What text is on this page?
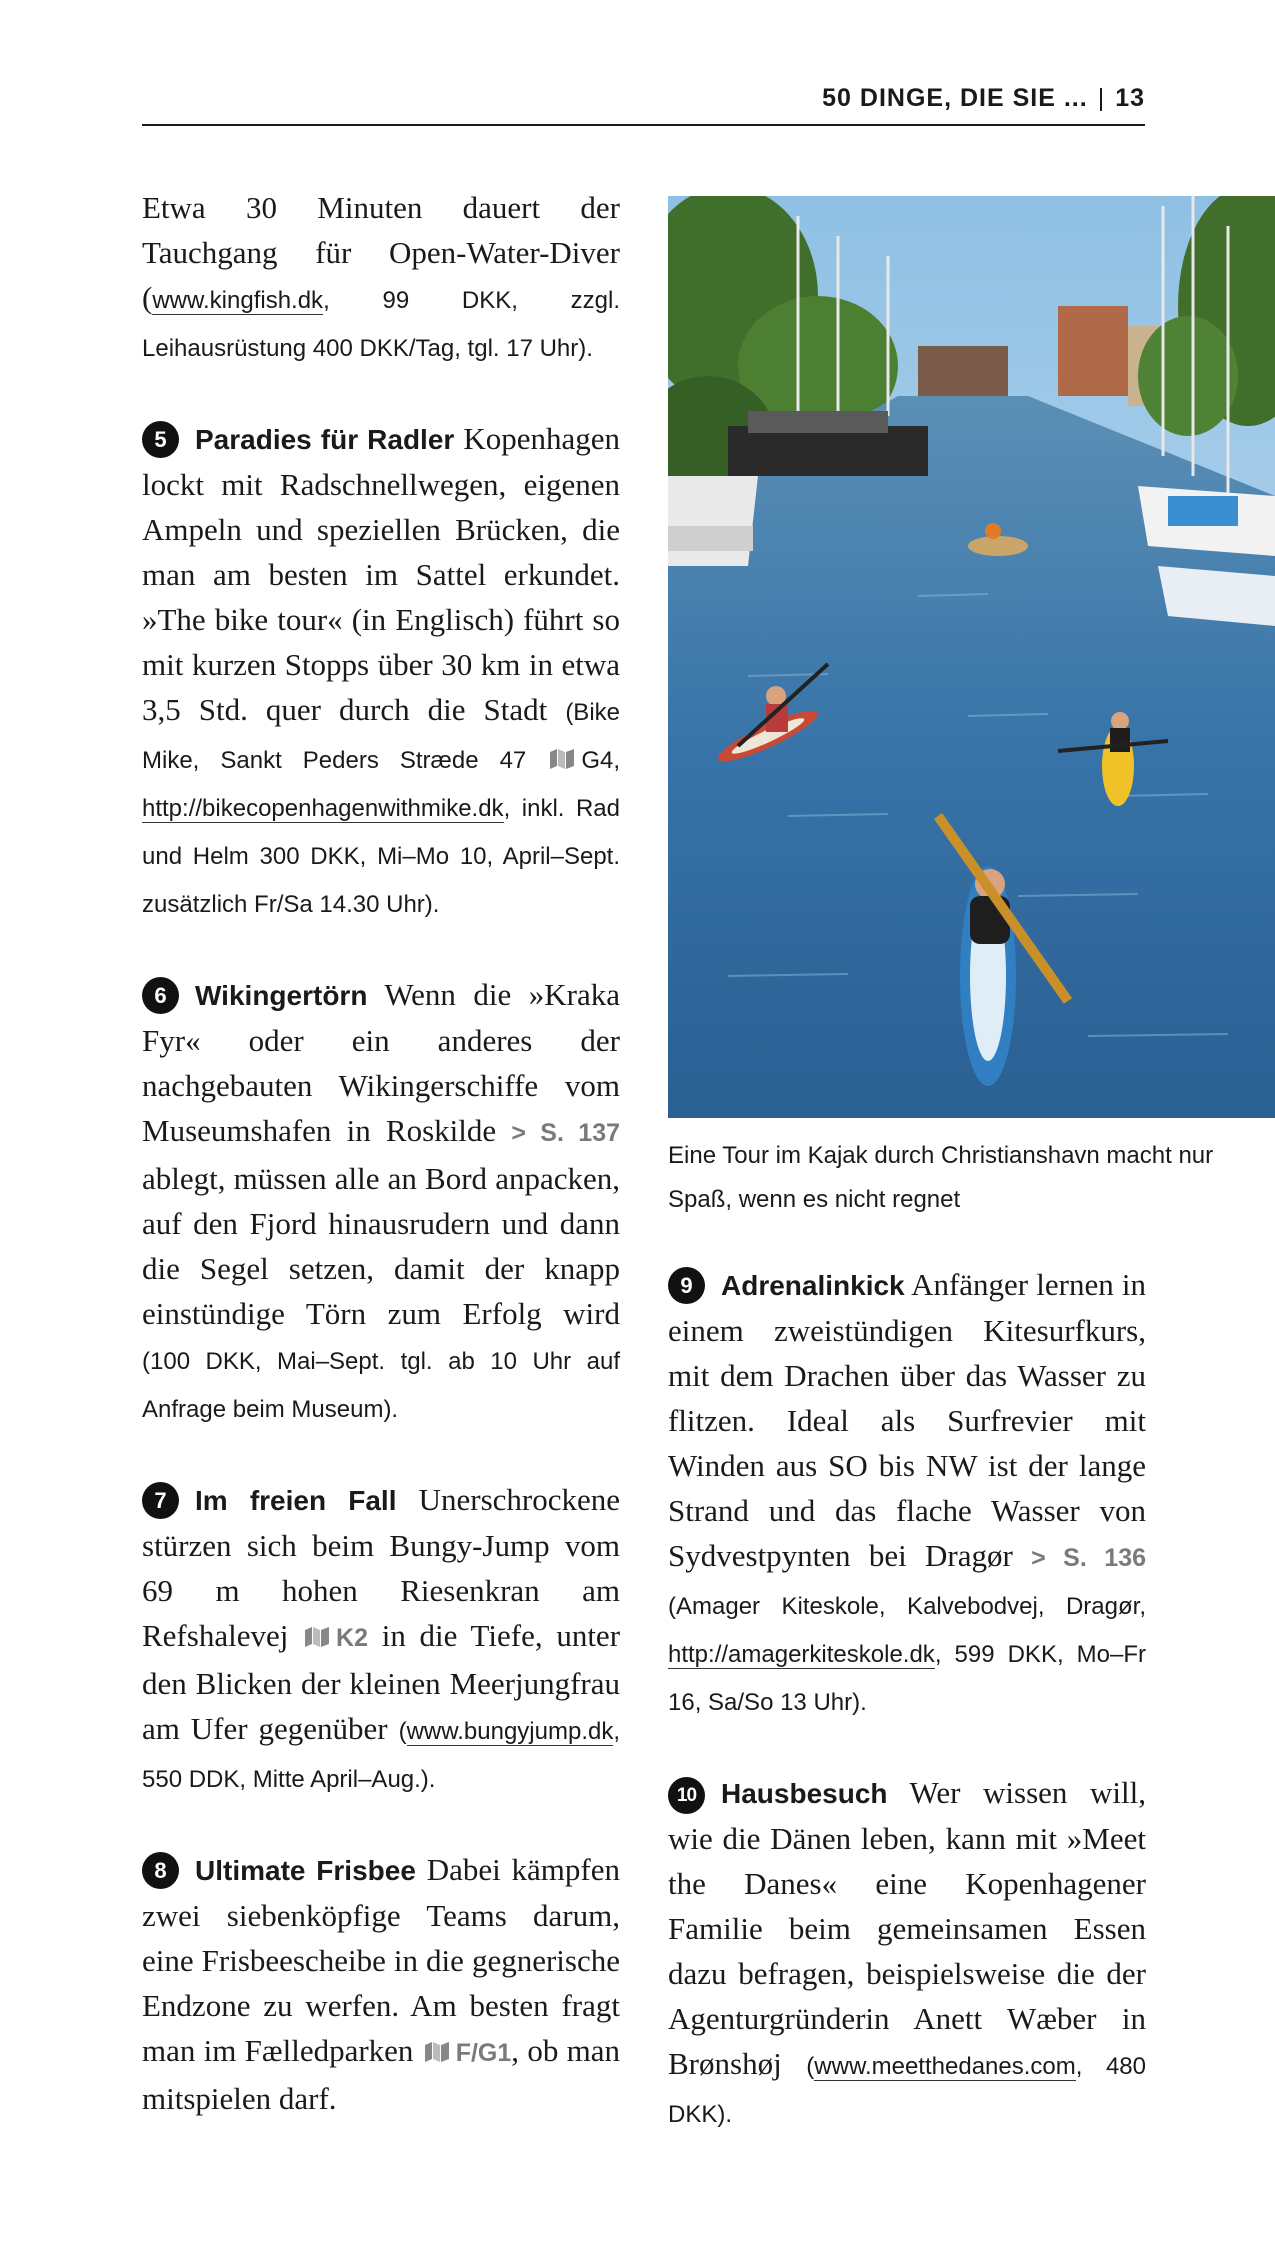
50 DINGE, DIE SIE ... | 13

Etwa 30 Minuten dauert der Tauchgang für Open-Water-Diver (www.kingfish.dk, 99 DKK, zzgl. Leihausrüstung 400 DKK/Tag, tgl. 17 Uhr).

5 Paradies für Radler Kopenhagen lockt mit Radschnellwegen, eigenen Ampeln und speziellen Brücken, die man am besten im Sattel erkundet. »The bike tour« (in Englisch) führt so mit kurzen Stopps über 30 km in etwa 3,5 Std. quer durch die Stadt (Bike Mike, Sankt Peders Stræde 47 G4, http://bikecopenhagenwithmike.dk, inkl. Rad und Helm 300 DKK, Mi–Mo 10, April–Sept. zusätzlich Fr/Sa 14.30 Uhr).

6 Wikingertörn Wenn die »Kraka Fyr« oder ein anderes der nachgebauten Wikingerschiffe vom Museumshafen in Roskilde > S. 137 ablegt, müssen alle an Bord anpacken, auf den Fjord hinausrudern und dann die Segel setzen, damit der knapp einstündige Törn zum Erfolg wird (100 DKK, Mai–Sept. tgl. ab 10 Uhr auf Anfrage beim Museum).

7 Im freien Fall Unerschrockene stürzen sich beim Bungy-Jump vom 69 m hohen Riesenkran am Refshalevej K2 in die Tiefe, unter den Blicken der kleinen Meerjungfrau am Ufer gegenüber (www.bungyjump.dk, 550 DDK, Mitte April–Aug.).

8 Ultimate Frisbee Dabei kämpfen zwei siebenköpfige Teams darum, eine Frisbeescheibe in die gegnerische Endzone zu werfen. Am besten fragt man im Fælledparken F/G1, ob man mitspielen darf.

Eine Tour im Kajak durch Christianshavn macht nur Spaß, wenn es nicht regnet

9 Adrenalinkick Anfänger lernen in einem zweistündigen Kitesurfkurs, mit dem Drachen über das Wasser zu flitzen. Ideal als Surfrevier mit Winden aus SO bis NW ist der lange Strand und das flache Wasser von Sydvestpynten bei Dragør > S. 136 (Amager Kiteskole, Kalvebodvej, Dragør, http://amagerkiteskole.dk, 599 DKK, Mo–Fr 16, Sa/So 13 Uhr).

10 Hausbesuch Wer wissen will, wie die Dänen leben, kann mit »Meet the Danes« eine Kopenhagener Familie beim gemeinsamen Essen dazu befragen, beispielsweise die der Agenturgründerin Anett Wæber in Brønshøj (www.meetthedanes.com, 480 DKK).
